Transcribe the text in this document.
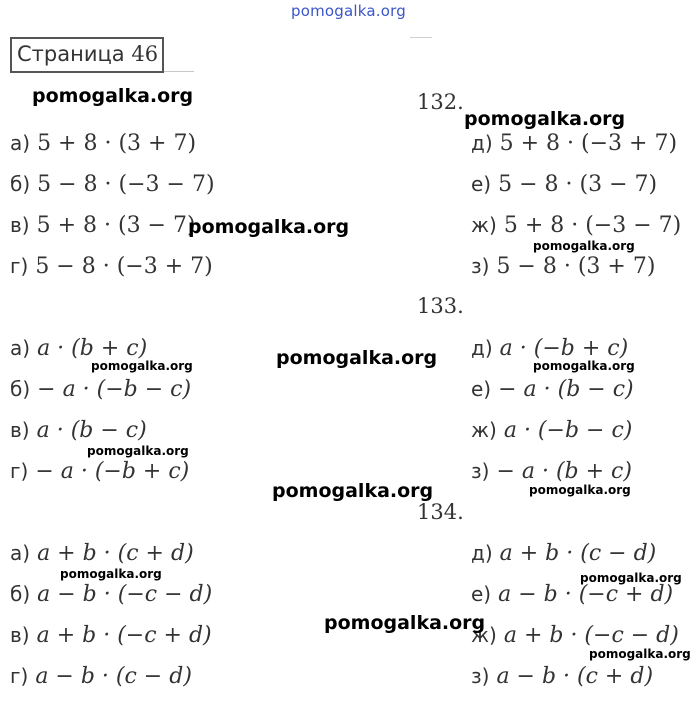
pomogalka.org
Страница 46
132.
а) 5 + 8 · (3 + 7)
б) 5 − 8 · (−3 − 7)
в) 5 + 8 · (3 − 7)
г) 5 − 8 · (−3 + 7)
д) 5 + 8 · (−3 + 7)
е) 5 − 8 · (3 − 7)
ж) 5 + 8 · (−3 − 7)
з) 5 − 8 · (3 + 7)
133.
а) a · (b + c)
б) − a · (−b − c)
в) a · (b − c)
г) − a · (−b + c)
д) a · (−b + c)
е) − a · (b − c)
ж) a · (−b − c)
з) − a · (b + c)
134.
а) a + b · (c + d)
б) a − b · (−c − d)
в) a + b · (−c + d)
г) a − b · (c − d)
д) a + b · (c − d)
е) a − b · (−c + d)
ж) a + b · (−c − d)
з) a − b · (c + d)
pomogalka.org
pomogalka.org
pomogalka.org
pomogalka.org
pomogalka.org
pomogalka.org	pomogalka.org
pomogalka.org
pomogalka.org	pomogalka.org
pomogalka.org	pomogalka.org
pomogalka.org
pomogalka.org
